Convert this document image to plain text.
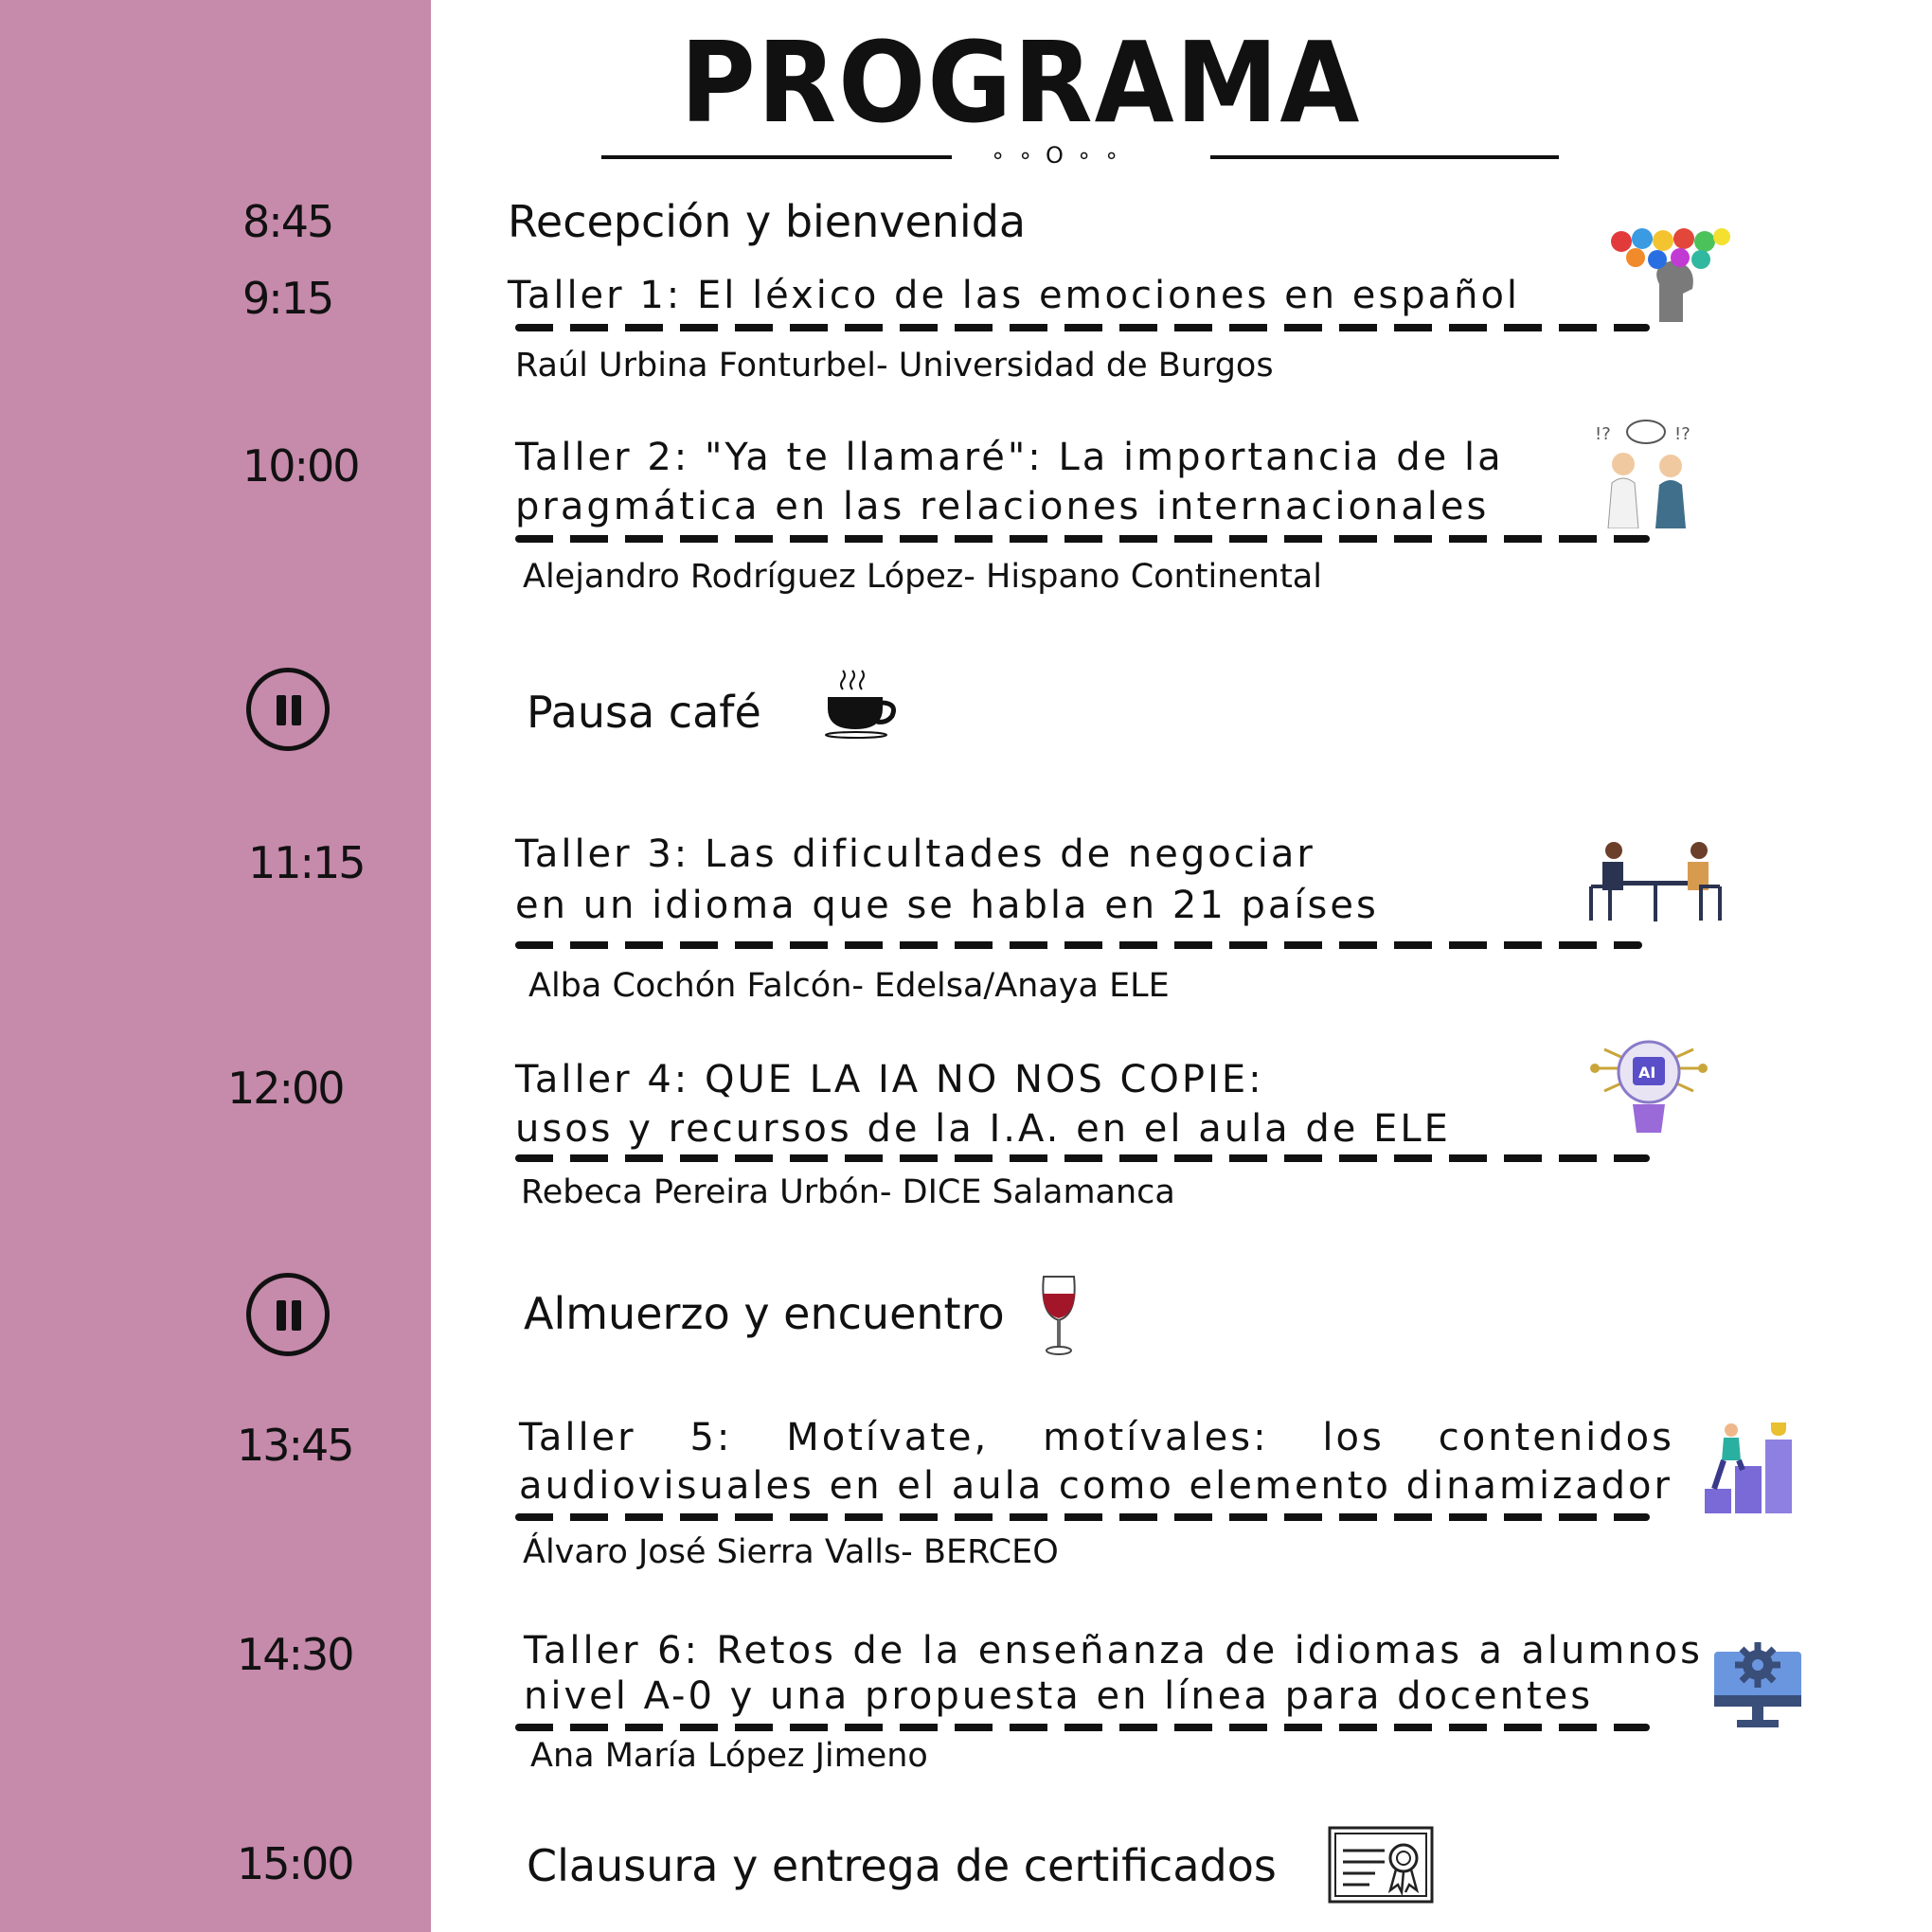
PROGRAMA
∘∘O∘∘
8:45
9:15
10:00
11:15
12:00
13:45
14:30
15:00
Recepción y bienvenida
Taller 1: El léxico de las emociones en español
Raúl Urbina Fonturbel- Universidad de Burgos
Taller 2: "Ya te llamaré": La importancia de la
pragmática en las relaciones internacionales
Alejandro Rodríguez López- Hispano Continental
!?	!?
Pausa café
Taller 3: Las dificultades de negociar
en un idioma que se habla en 21 países
Alba Cochón Falcón- Edelsa/Anaya ELE
Taller 4: QUE LA IA NO NOS COPIE:
usos y recursos de la I.A. en el aula de ELE
Rebeca Pereira Urbón- DICE Salamanca
AI
Almuerzo y encuentro
Taller 5: Motívate, motívales: los contenidos
audiovisuales en el aula como elemento dinamizador
Álvaro José Sierra Valls- BERCEO
Taller 6: Retos de la enseñanza de idiomas a alumnos
nivel A-0 y una propuesta en línea para docentes
Ana María López Jimeno
Clausura y entrega de certificados
